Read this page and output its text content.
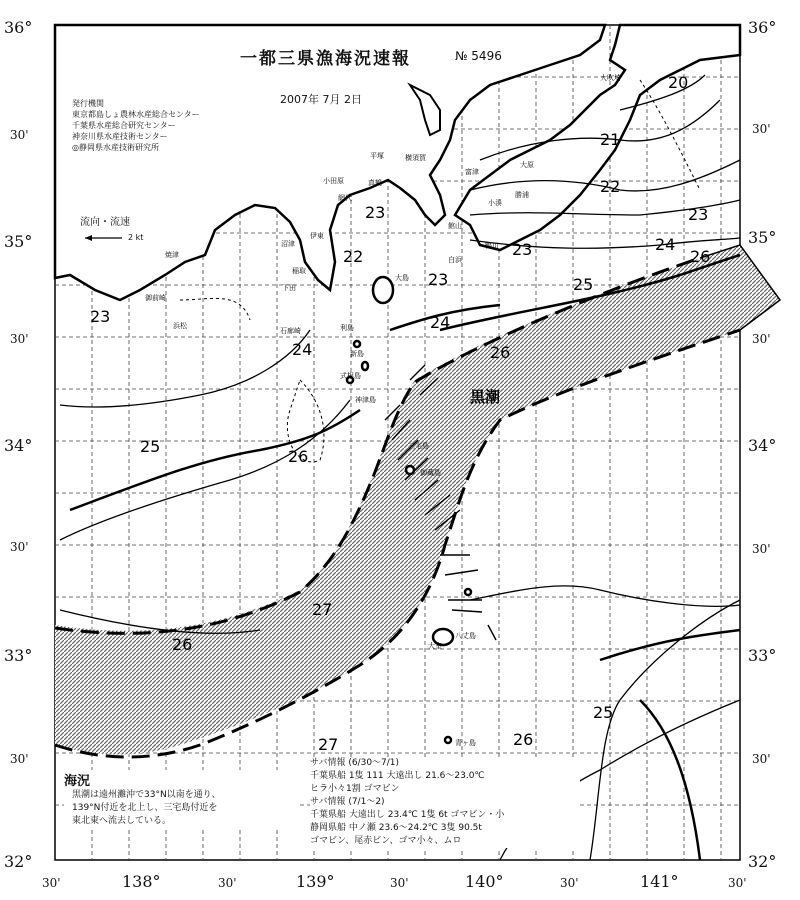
20
21
22
23
24
25
26
26
22
23
23
23
24
25
26
27
27
23
24
25
26
26
黒潮
大吹埼
大原
勝浦
小湊
鴨川
白浜
館山
富津
横須賀
平塚
小田原	真鶴
網代
伊東
沼津
焼津
御前崎
浜松
稲取
下田
石廊崎	利島
新島
式根島
神津島
三宅島
御蔵島
八丈島
大室
青ヶ島
大島
一都三県漁海況速報	№ 5496
2007年 7月 2日
発行機関
東京都島しょ農林水産総合センター
千葉県水産総合研究センター
神奈川県水産技術センター
◎静岡県水産技術研究所
流向・流速
2 kt
海況
黒潮は遠州灘沖で33°N以南を通り、
139°N付近を北上し、三宅島付近を
東北東へ流去している。
サバ情報 (6/30～7/1)
千葉県船 1隻 111 大遠出し 21.6～23.0℃
ヒラ小々1割 ゴマビン
サバ情報 (7/1～2)
千葉県船 大遠出し 23.4℃ 1隻 6t ゴマビン・小
静岡県船 中ノ瀬 23.6～24.2℃ 3隻 90.5t
ゴマビン、尾赤ビン、ゴマ小々、ムロ
36°
30'
35°
30'
34°
30'
33°
30'
32°
36°
30'
35°
30'
34°
30'
33°
30'
32°
30'	138°	30'	139°	30'	140°	30'	141°	30'
